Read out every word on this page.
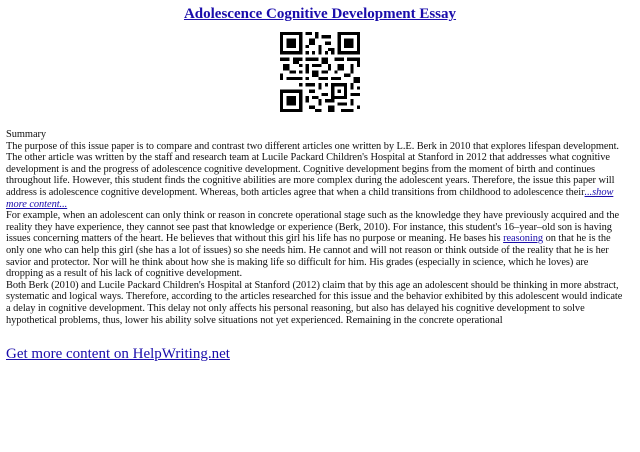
Adolescence Cognitive Development Essay

Summary

The purpose of this issue paper is to compare and contrast two different articles one written by L.E. Berk in 2010 that explores lifespan development. The other article was written by the staff and research team at Lucile Packard Children's Hospital at Stanford in 2012 that addresses what cognitive development is and the progress of adolescence cognitive development. Cognitive development begins from the moment of birth and continues throughout life. However, this student finds the cognitive abilities are more complex during the adolescent years. Therefore, the issue this paper will address is adolescence cognitive development. Whereas, both articles agree that when a child transitions from childhood to adolescence their...show more content...

For example, when an adolescent can only think or reason in concrete operational stage such as the knowledge they have previously acquired and the reality they have experience, they cannot see past that knowledge or experience (Berk, 2010). For instance, this student's 16–year–old son is having issues concerning matters of the heart. He believes that without this girl his life has no purpose or meaning. He bases his reasoning on that he is the only one who can help this girl (she has a lot of issues) so she needs him. He cannot and will not reason or think outside of the reality that he is her savior and protector. Nor will he think about how she is making life so difficult for him. His grades (especially in science, which he loves) are dropping as a result of his lack of cognitive development.

Both Berk (2010) and Lucile Packard Children's Hospital at Stanford (2012) claim that by this age an adolescent should be thinking in more abstract, systematic and logical ways. Therefore, according to the articles researched for this issue and the behavior exhibited by this adolescent would indicate a delay in cognitive development. This delay not only affects his personal reasoning, but also has delayed his cognitive development to solve hypothetical problems, thus, lower his ability solve situations not yet experienced. Remaining in the concrete operational

Get more content on HelpWriting.net
